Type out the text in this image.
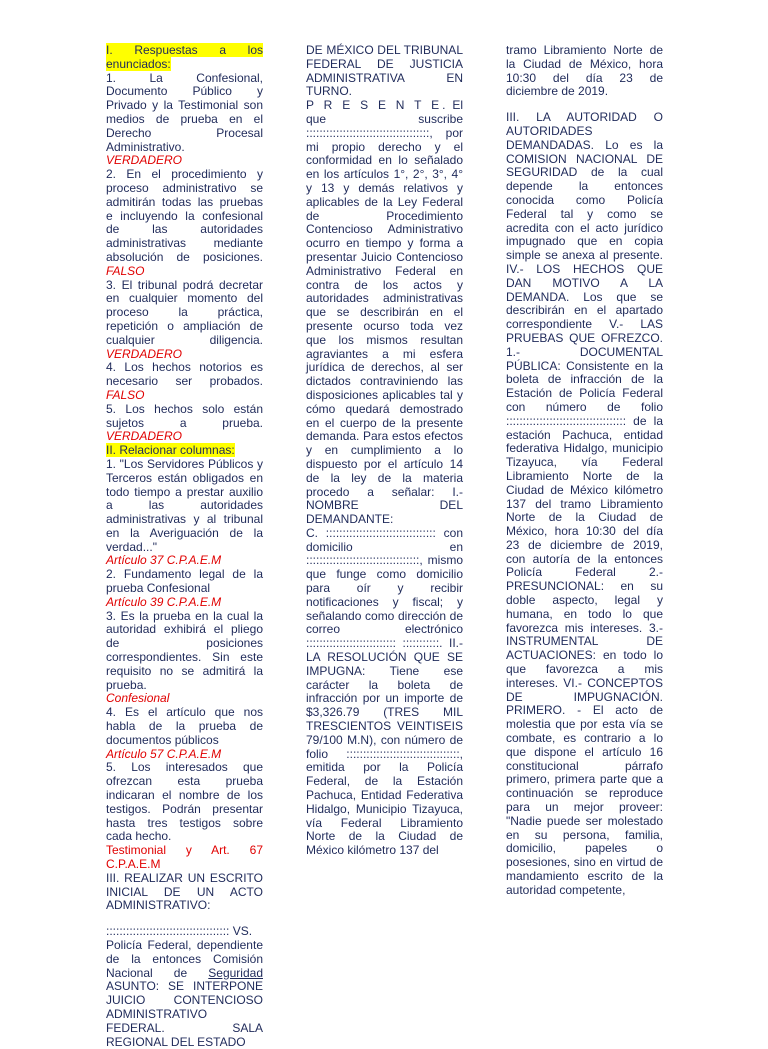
I. Respuestas a los enunciados:

1. La Confesional, Documento Público y Privado y la Testimonial son medios de prueba en el Derecho Procesal Administrativo. VERDADERO

2. En el procedimiento y proceso administrativo se admitirán todas las pruebas e incluyendo la confesional de las autoridades administrativas mediante absolución de posiciones. FALSO

3. El tribunal podrá decretar en cualquier momento del proceso la práctica, repetición o ampliación de cualquier diligencia. VERDADERO

4. Los hechos notorios es necesario ser probados. FALSO

5. Los hechos solo están sujetos a prueba. VERDADERO

II. Relacionar columnas:

1. "Los Servidores Públicos y Terceros están obligados en todo tiempo a prestar auxilio a las autoridades administrativas y al tribunal en la Averiguación de la verdad..."

Artículo 37 C.P.A.E.M

2. Fundamento legal de la prueba Confesional

Artículo 39 C.P.A.E.M

3. Es la prueba en la cual la autoridad exhibirá el pliego de posiciones correspondientes. Sin este requisito no se admitirá la prueba.

Confesional

4. Es el artículo que nos habla de la prueba de documentos públicos

Artículo 57 C.P.A.E.M

5. Los interesados que ofrezcan esta prueba indicaran el nombre de los testigos. Podrán presentar hasta tres testigos sobre cada hecho.

Testimonial y Art. 67 C.P.A.E.M

III. REALIZAR UN ESCRITO INICIAL DE UN ACTO ADMINISTRATIVO:

::::::::::::::::::::::::::::::::::::: VS.

Policía Federal, dependiente de la entonces Comisión Nacional de Seguridad ASUNTO: SE INTERPONE JUICIO CONTENCIOSO ADMINISTRATIVO FEDERAL. SALA REGIONAL DEL ESTADO

DE MÉXICO DEL TRIBUNAL FEDERAL DE JUSTICIA ADMINISTRATIVA EN TURNO.

P R E S E N T E. El que suscribe :::::::::::::::::::::::::::::::::::::, por mi propio derecho y el conformidad en lo señalado en los artículos 1°, 2°, 3°, 4° y 13 y demás relativos y aplicables de la Ley Federal de Procedimiento Contencioso Administrativo ocurro en tiempo y forma a presentar Juicio Contencioso Administrativo Federal en contra de los actos y autoridades administrativas que se describirán en el presente ocurso toda vez que los mismos resultan agraviantes a mi esfera jurídica de derechos, al ser dictados contraviniendo las disposiciones aplicables tal y cómo quedará demostrado en el cuerpo de la presente demanda. Para estos efectos y en cumplimiento a lo dispuesto por el artículo 14 de la ley de la materia procedo a señalar: I.- NOMBRE DEL DEMANDANTE:

C. ::::::::::::::::::::::::::::::::: con domicilio en ::::::::::::::::::::::::::::::::::, mismo que funge como domicilio para oír y recibir notificaciones y fiscal; y señalando como dirección de correo electrónico ::::::::::::::::::::::::::: :::::::::::. II.-LA RESOLUCIÓN QUE SE IMPUGNA: Tiene ese carácter la boleta de infracción por un importe de $3,326.79 (TRES MIL TRESCIENTOS VEINTISEIS 79/100 M.N), con número de folio ::::::::::::::::::::::::::::::::::, emitida por la Policía Federal, de la Estación Pachuca, Entidad Federativa Hidalgo, Municipio Tizayuca, vía Federal Libramiento Norte de la Ciudad de México kilómetro 137 del

tramo Libramiento Norte de la Ciudad de México, hora 10:30 del día 23 de diciembre de 2019.

III. LA AUTORIDAD O AUTORIDADES DEMANDADAS. Lo es la COMISION NACIONAL DE SEGURIDAD de la cual depende la entonces conocida como Policía Federal tal y como se acredita con el acto jurídico impugnado que en copia simple se anexa al presente. IV.- LOS HECHOS QUE DAN MOTIVO A LA DEMANDA. Los que se describirán en el apartado correspondiente V.- LAS PRUEBAS QUE OFREZCO. 1.- DOCUMENTAL PÚBLICA: Consistente en la boleta de infracción de la Estación de Policía Federal con número de folio :::::::::::::::::::::::::::::::::::: de la estación Pachuca, entidad federativa Hidalgo, municipio Tizayuca, vía Federal Libramiento Norte de la Ciudad de México kilómetro 137 del tramo Libramiento Norte de la Ciudad de México, hora 10:30 del día 23 de diciembre de 2019, con autoría de la entonces Policía Federal 2.-PRESUNCIONAL: en su doble aspecto, legal y humana, en todo lo que favorezca mis intereses. 3.- INSTRUMENTAL DE ACTUACIONES: en todo lo que favorezca a mis intereses. VI.- CONCEPTOS DE IMPUGNACIÓN. PRIMERO. - El acto de molestia que por esta vía se combate, es contrario a lo que dispone el artículo 16 constitucional párrafo primero, primera parte que a continuación se reproduce para un mejor proveer: "Nadie puede ser molestado en su persona, familia, domicilio, papeles o posesiones, sino en virtud de mandamiento escrito de la autoridad competente,
